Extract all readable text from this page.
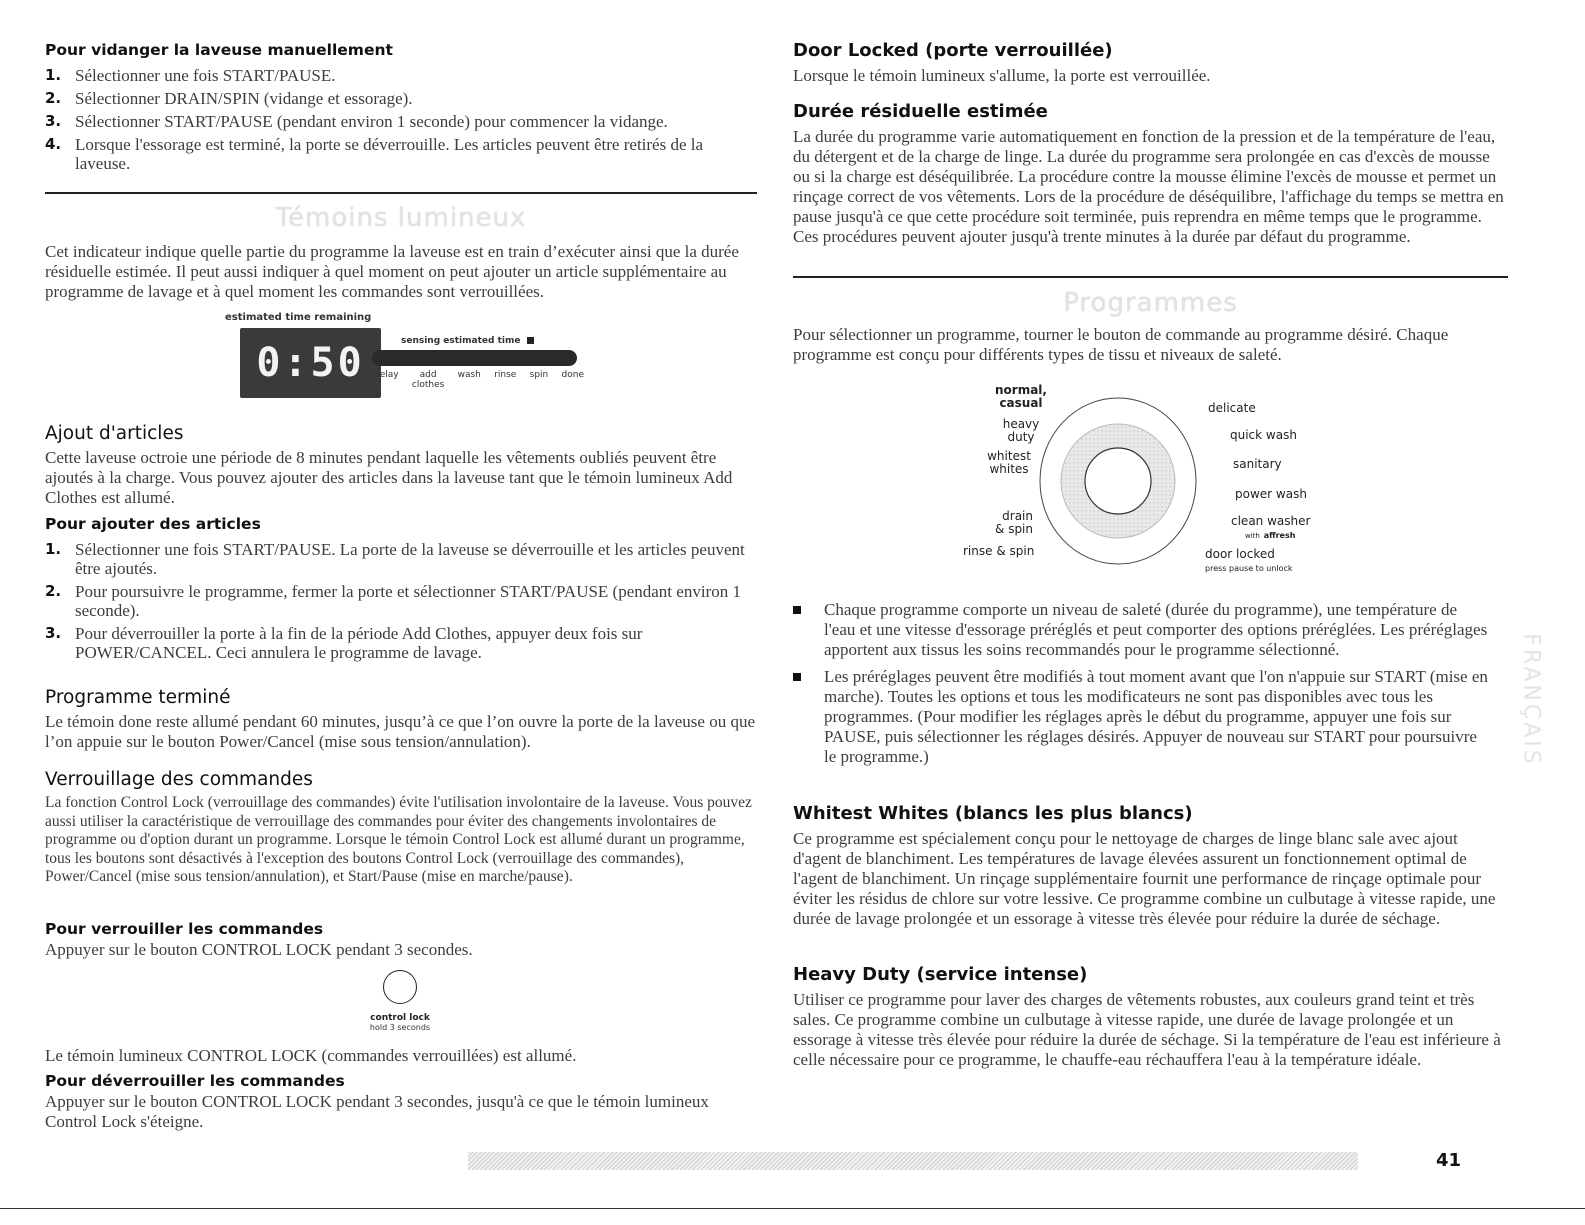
Pour vidanger la laveuse manuellement
1. Sélectionner une fois START/PAUSE.
2. Sélectionner DRAIN/SPIN (vidange et essorage).
3. Sélectionner START/PAUSE (pendant environ 1 seconde) pour commencer la vidange.
4. Lorsque l'essorage est terminé, la porte se déverrouille. Les articles peuvent être retirés de la laveuse.
Témoins lumineux

Cet indicateur indique quelle partie du programme la laveuse est en train d’exécuter ainsi que la durée résiduelle estimée. Il peut aussi indiquer à quel moment on peut ajouter un article supplémentaire au programme de lavage et à quel moment les commandes sont verrouillées.

estimated time remaining
0:50	sensing estimated time
delay	add
clothes
wash rinse spin done
Ajout d'articles

Cette laveuse octroie une période de 8 minutes pendant laquelle les vêtements oubliés peuvent être ajoutés à la charge. Vous pouvez ajouter des articles dans la laveuse tant que le témoin lumineux Add Clothes est allumé.

Pour ajouter des articles
1. Sélectionner une fois START/PAUSE. La porte de la laveuse se déverrouille et les articles peuvent être ajoutés.
2. Pour poursuivre le programme, fermer la porte et sélectionner START/PAUSE (pendant environ 1 seconde).
3. Pour déverrouiller la porte à la fin de la période Add Clothes, appuyer deux fois sur POWER/CANCEL. Ceci annulera le programme de lavage.
Programme terminé

Le témoin done reste allumé pendant 60 minutes, jusqu’à ce que l’on ouvre la porte de la laveuse ou que l’on appuie sur le bouton Power/Cancel (mise sous tension/annulation).

Verrouillage des commandes

La fonction Control Lock (verrouillage des commandes) évite l'utilisation involontaire de la laveuse. Vous pouvez aussi utiliser la caractéristique de verrouillage des commandes pour éviter des changements involontaires de programme ou d'option durant un programme. Lorsque le témoin Control Lock est allumé durant un programme, tous les boutons sont désactivés à l'exception des boutons Control Lock (verrouillage des commandes), Power/Cancel (mise sous tension/annulation), et Start/Pause (mise en marche/pause).

Pour verrouiller les commandes

Appuyer sur le bouton CONTROL LOCK pendant 3 secondes.

control lock
hold 3 seconds

Le témoin lumineux CONTROL LOCK (commandes verrouillées) est allumé.

Pour déverrouiller les commandes

Appuyer sur le bouton CONTROL LOCK pendant 3 secondes, jusqu'à ce que le témoin lumineux Control Lock s'éteigne.

Door Locked (porte verrouillée)

Lorsque le témoin lumineux s'allume, la porte est verrouillée.

Durée résiduelle estimée

La durée du programme varie automatiquement en fonction de la pression et de la température de l'eau, du détergent et de la charge de linge. La durée du programme sera prolongée en cas d'excès de mousse ou si la charge est déséquilibrée. La procédure contre la mousse élimine l'excès de mousse et permet un rinçage correct de vos vêtements. Lors de la procédure de déséquilibre, l'affichage du temps se mettra en pause jusqu'à ce que cette procédure soit terminée, puis reprendra en même temps que le programme. Ces procédures peuvent ajouter jusqu'à trente minutes à la durée par défaut du programme.

Programmes

Pour sélectionner un programme, tourner le bouton de commande au programme désiré. Chaque programme est conçu pour différents types de tissu et niveaux de saleté.

normal, casual
heavy duty
whitest whites
drain & spin
rinse & spin
delicate
quick wash
sanitary
power wash
clean washer
with affresh
door locked
press pause to unlock
Chaque programme comporte un niveau de saleté (durée du programme), une température de l'eau et une vitesse d'essorage préréglés et peut comporter des options préréglées. Les préréglages apportent aux tissus les soins recommandés pour le programme sélectionné.
Les préréglages peuvent être modifiés à tout moment avant que l'on n'appuie sur START (mise en marche). Toutes les options et tous les modificateurs ne sont pas disponibles avec tous les programmes. (Pour modifier les réglages après le début du programme, appuyer une fois sur PAUSE, puis sélectionner les réglages désirés. Appuyer de nouveau sur START pour poursuivre le programme.)
Whitest Whites (blancs les plus blancs)

Ce programme est spécialement conçu pour le nettoyage de charges de linge blanc sale avec ajout d'agent de blanchiment. Les températures de lavage élevées assurent un fonctionnement optimal de l'agent de blanchiment. Un rinçage supplémentaire fournit une performance de rinçage optimale pour éviter les résidus de chlore sur votre lessive. Ce programme combine un culbutage à vitesse rapide, une durée de lavage prolongée et un essorage à vitesse très élevée pour réduire la durée de séchage.

Heavy Duty (service intense)

Utiliser ce programme pour laver des charges de vêtements robustes, aux couleurs grand teint et très sales. Ce programme combine un culbutage à vitesse rapide, une durée de lavage prolongée et un essorage à vitesse très élevée pour réduire la durée de séchage. Si la température de l'eau est inférieure à celle nécessaire pour ce programme, le chauffe-eau réchauffera l'eau à la température idéale.

FRANÇAIS
41
